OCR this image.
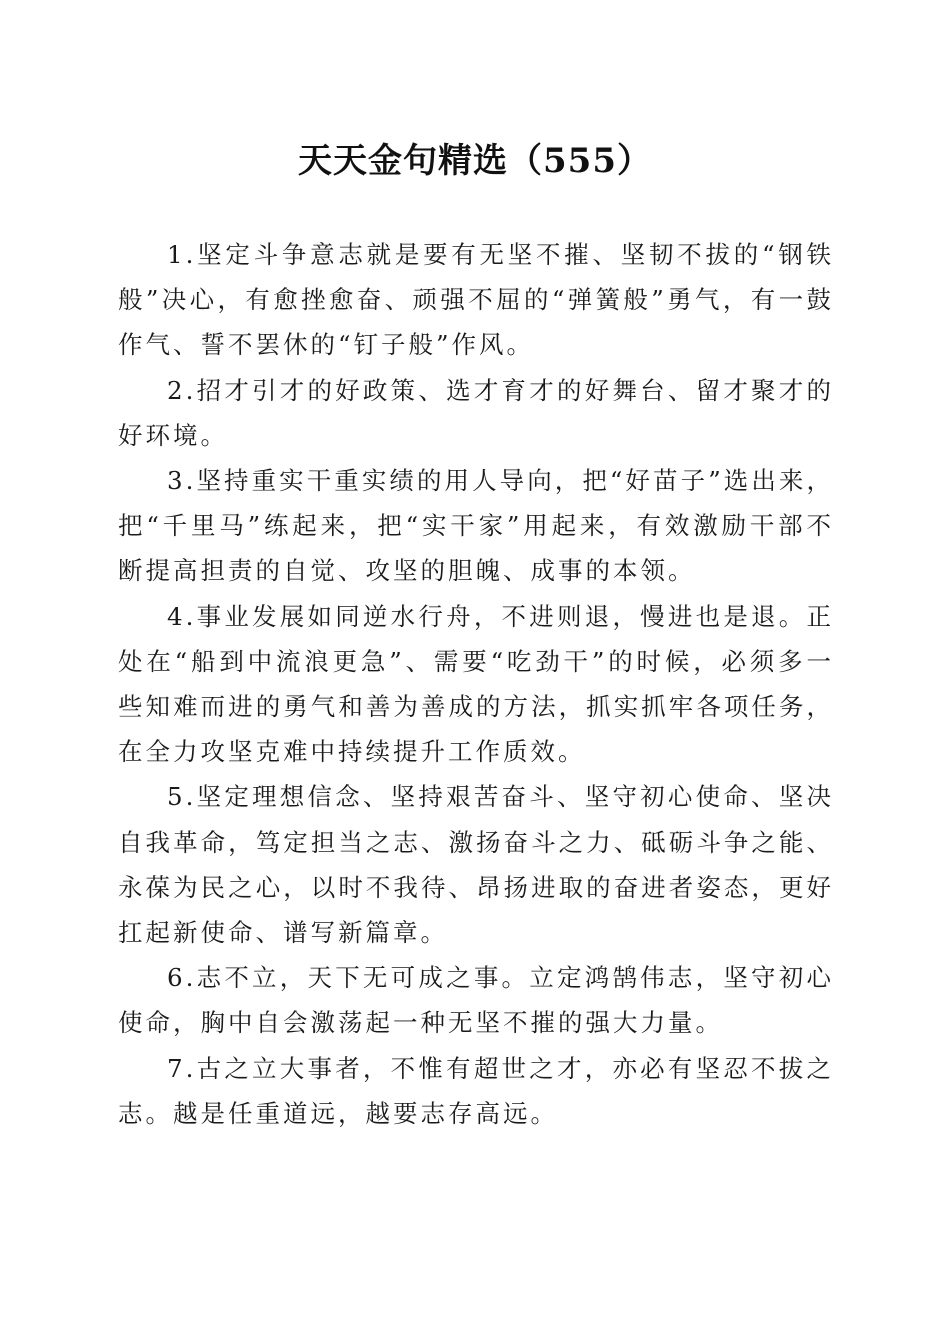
天天金句精选（555）

1.坚定斗争意志就是要有无坚不摧、坚韧不拔的“钢铁般”决心，有愈挫愈奋、顽强不屈的“弹簧般”勇气，有一鼓作气、誓不罢休的“钉子般”作风。

2.招才引才的好政策、选才育才的好舞台、留才聚才的好环境。

3.坚持重实干重实绩的用人导向，把“好苗子”选出来，把“千里马”练起来，把“实干家”用起来，有效激励干部不断提高担责的自觉、攻坚的胆魄、成事的本领。

4.事业发展如同逆水行舟，不进则退，慢进也是退。正处在“船到中流浪更急”、需要“吃劲干”的时候，必须多一些知难而进的勇气和善为善成的方法，抓实抓牢各项任务，在全力攻坚克难中持续提升工作质效。

5.坚定理想信念、坚持艰苦奋斗、坚守初心使命、坚决自我革命，笃定担当之志、激扬奋斗之力、砥砺斗争之能、永葆为民之心，以时不我待、昂扬进取的奋进者姿态，更好扛起新使命、谱写新篇章。

6.志不立，天下无可成之事。立定鸿鹄伟志，坚守初心使命，胸中自会激荡起一种无坚不摧的强大力量。

7.古之立大事者，不惟有超世之才，亦必有坚忍不拔之志。越是任重道远，越要志存高远。
